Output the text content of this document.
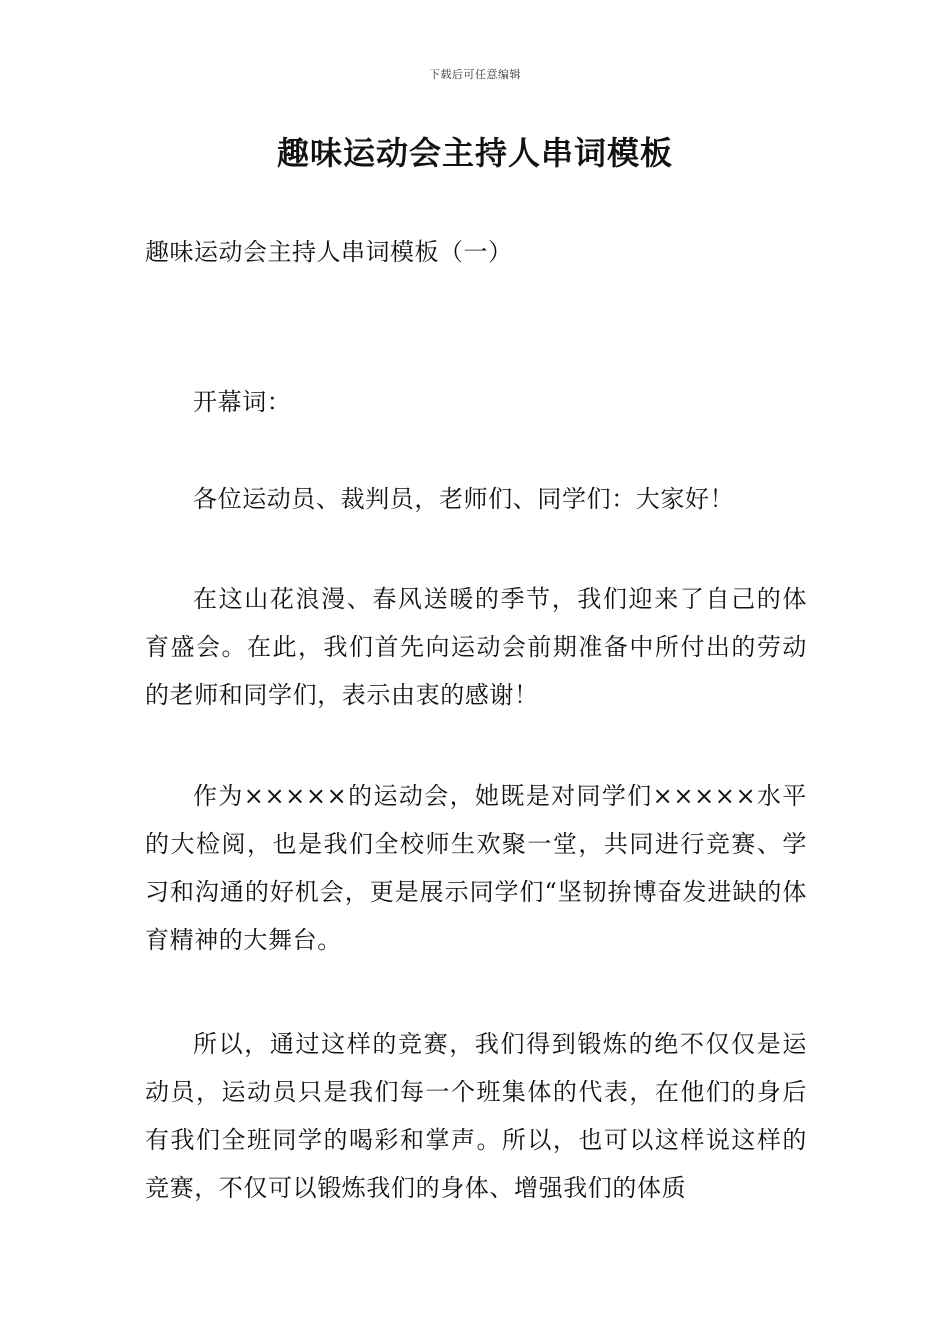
下载后可任意编辑
趣味运动会主持人串词模板
趣味运动会主持人串词模板（一）

开幕词：

各位运动员、裁判员，老师们、同学们：大家好！

在这山花浪漫、春风送暖的季节，我们迎来了自己的体育盛会。在此，我们首先向运动会前期准备中所付出的劳动的老师和同学们，表示由衷的感谢！

作为×××××的运动会，她既是对同学们×××××水平的大检阅，也是我们全校师生欢聚一堂，共同进行竞赛、学习和沟通的好机会，更是展示同学们“坚韧拚博奋发进缺的体育精神的大舞台。

所以，通过这样的竞赛，我们得到锻炼的绝不仅仅是运动员，运动员只是我们每一个班集体的代表，在他们的身后有我们全班同学的喝彩和掌声。所以，也可以这样说这样的竞赛，不仅可以锻炼我们的身体、增强我们的体质
